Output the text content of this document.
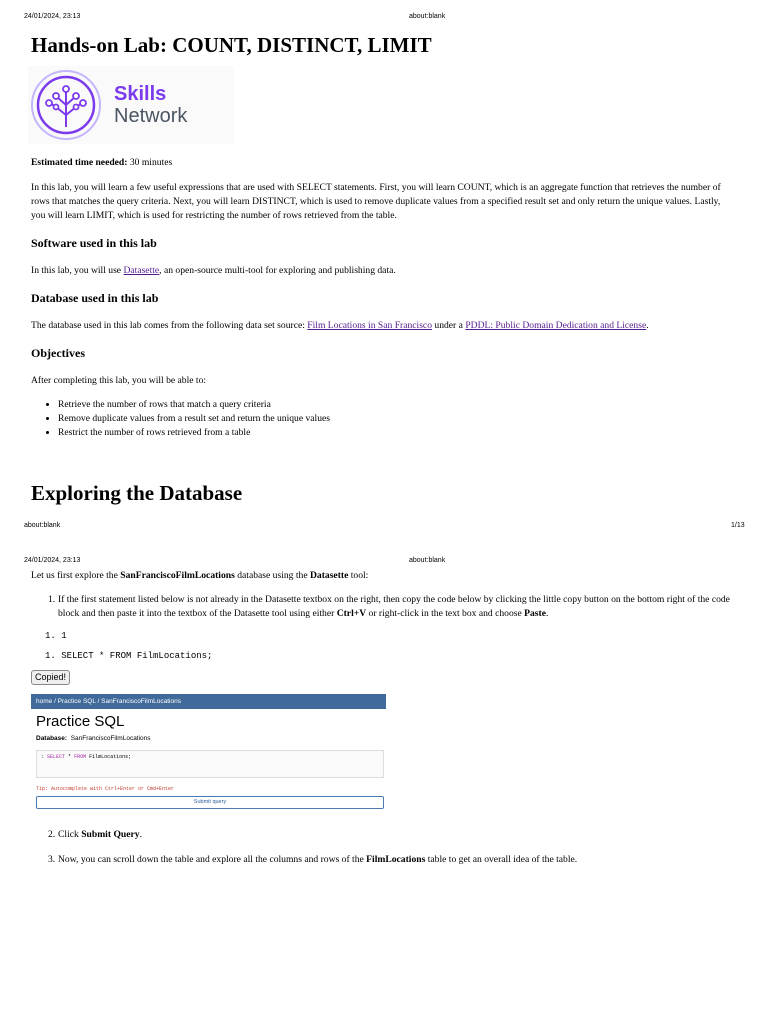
24/01/2024, 23:13	about:blank
Hands-on Lab: COUNT, DISTINCT, LIMIT
Skills
Network

Estimated time needed: 30 minutes

In this lab, you will learn a few useful expressions that are used with SELECT statements. First, you will learn COUNT, which is an aggregate function that retrieves the number of rows that matches the query criteria. Next, you will learn DISTINCT, which is used to remove duplicate values from a specified result set and only return the unique values. Lastly, you will learn LIMIT, which is used for restricting the number of rows retrieved from the table.

Software used in this lab

In this lab, you will use Datasette, an open-source multi-tool for exploring and publishing data.

Database used in this lab

The database used in this lab comes from the following data set source: Film Locations in San Francisco under a PDDL: Public Domain Dedication and License.

Objectives

After completing this lab, you will be able to:

• Retrieve the number of rows that match a query criteria
• Remove duplicate values from a result set and return the unique values
• Restrict the number of rows retrieved from a table
Exploring the Database
about:blank	1/13
24/01/2024, 23:13	about:blank

Let us first explore the SanFranciscoFilmLocations database using the Datasette tool:

1. If the first statement listed below is not already in the Datasette textbox on the right, then copy the code below by clicking the little copy button on the bottom right of the code block and then paste it into the textbox of the Datasette tool using either Ctrl+V or right-click in the text box and choose Paste.

1. 1
1. SELECT * FROM FilmLocations;
Copied!
home / Practice SQL / SanFranciscoFilmLocations
Practice SQL
Database: SanFranciscoFilmLocations
1 SELECT * FROM FilmLocations;
Tip: Autocomplete with Ctrl+Enter or Cmd+Enter
Submit query
2. Click Submit Query.

3. Now, you can scroll down the table and explore all the columns and rows of the FilmLocations table to get an overall idea of the table.
